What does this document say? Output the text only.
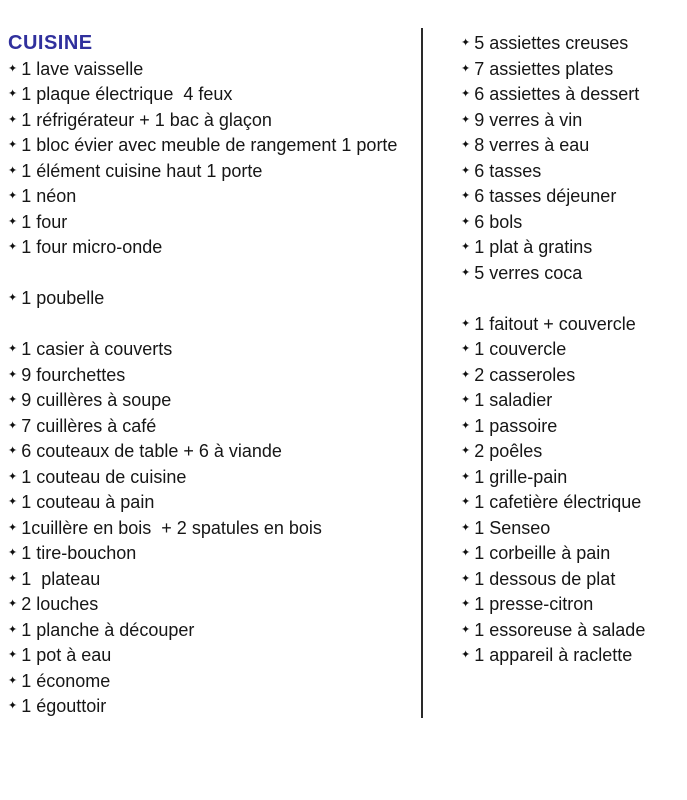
CUISINE
✦ 1 lave vaisselle
✦ 1 plaque électrique  4 feux
✦ 1 réfrigérateur + 1 bac à glaçon
✦ 1 bloc évier avec meuble de rangement 1 porte
✦ 1 élément cuisine haut 1 porte
✦ 1 néon
✦ 1 four
✦ 1 four micro-onde
✦ 1 poubelle
✦ 1 casier à couverts
✦ 9 fourchettes
✦ 9 cuillères à soupe
✦ 7 cuillères à café
✦ 6 couteaux de table + 6 à viande
✦ 1 couteau de cuisine
✦ 1 couteau à pain
✦ 1cuillère en bois  + 2 spatules en bois
✦ 1 tire-bouchon
✦ 1  plateau
✦ 2 louches
✦ 1 planche à découper
✦ 1 pot à eau
✦ 1 économe
✦ 1 égouttoir
✦ 5 assiettes creuses
✦ 7 assiettes plates
✦ 6 assiettes à dessert
✦ 9 verres à vin
✦ 8 verres à eau
✦ 6 tasses
✦ 6 tasses déjeuner
✦ 6 bols
✦ 1 plat à gratins
✦ 5 verres coca
✦ 1 faitout + couvercle
✦ 1 couvercle
✦ 2 casseroles
✦ 1 saladier
✦ 1 passoire
✦ 2 poêles
✦ 1 grille-pain
✦ 1 cafetière électrique
✦ 1 Senseo
✦ 1 corbeille à pain
✦ 1 dessous de plat
✦ 1 presse-citron
✦ 1 essoreuse à salade
✦ 1 appareil à raclette
